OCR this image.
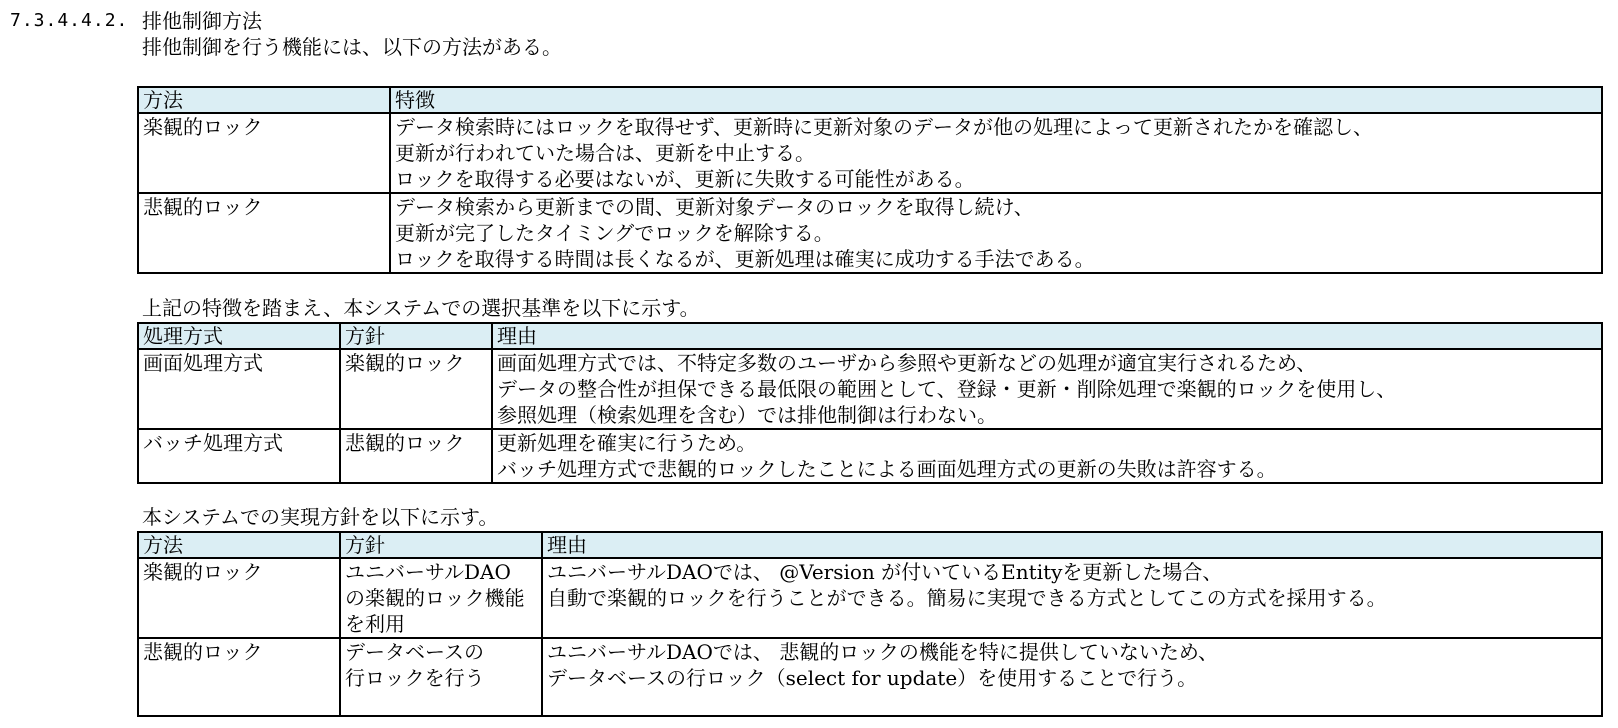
7.3.4.4.2. 排他制御方法
排他制御を行う機能には、以下の方法がある。
方法	特徴

楽観的ロック	データ検索時にはロックを取得せず、更新時に更新対象のデータが他の処理によって更新されたかを確認し、
更新が行われていた場合は、更新を中止する。
ロックを取得する必要はないが、更新に失敗する可能性がある。

悲観的ロック	データ検索から更新までの間、更新対象データのロックを取得し続け、
更新が完了したタイミングでロックを解除する。
ロックを取得する時間は長くなるが、更新処理は確実に成功する手法である。
上記の特徴を踏まえ、本システムでの選択基準を以下に示す。
処理方式	方針	理由

画面処理方式	楽観的ロック	画面処理方式では、不特定多数のユーザから参照や更新などの処理が適宜実行されるため、
データの整合性が担保できる最低限の範囲として、登録・更新・削除処理で楽観的ロックを使用し、
参照処理（検索処理を含む）では排他制御は行わない。

バッチ処理方式	悲観的ロック	更新処理を確実に行うため。
バッチ処理方式で悲観的ロックしたことによる画面処理方式の更新の失敗は許容する。
本システムでの実現方針を以下に示す。
方法	方針	理由

楽観的ロック	ユニバーサルDAO
の楽観的ロック機能
を利用	ユニバーサルDAOでは、 @Version が付いているEntityを更新した場合、
自動で楽観的ロックを行うことができる。簡易に実現できる方式としてこの方式を採用する。

悲観的ロック	データベースの
行ロックを行う	ユニバーサルDAOでは、 悲観的ロックの機能を特に提供していないため、
データベースの行ロック（select for update）を使用することで行う。
